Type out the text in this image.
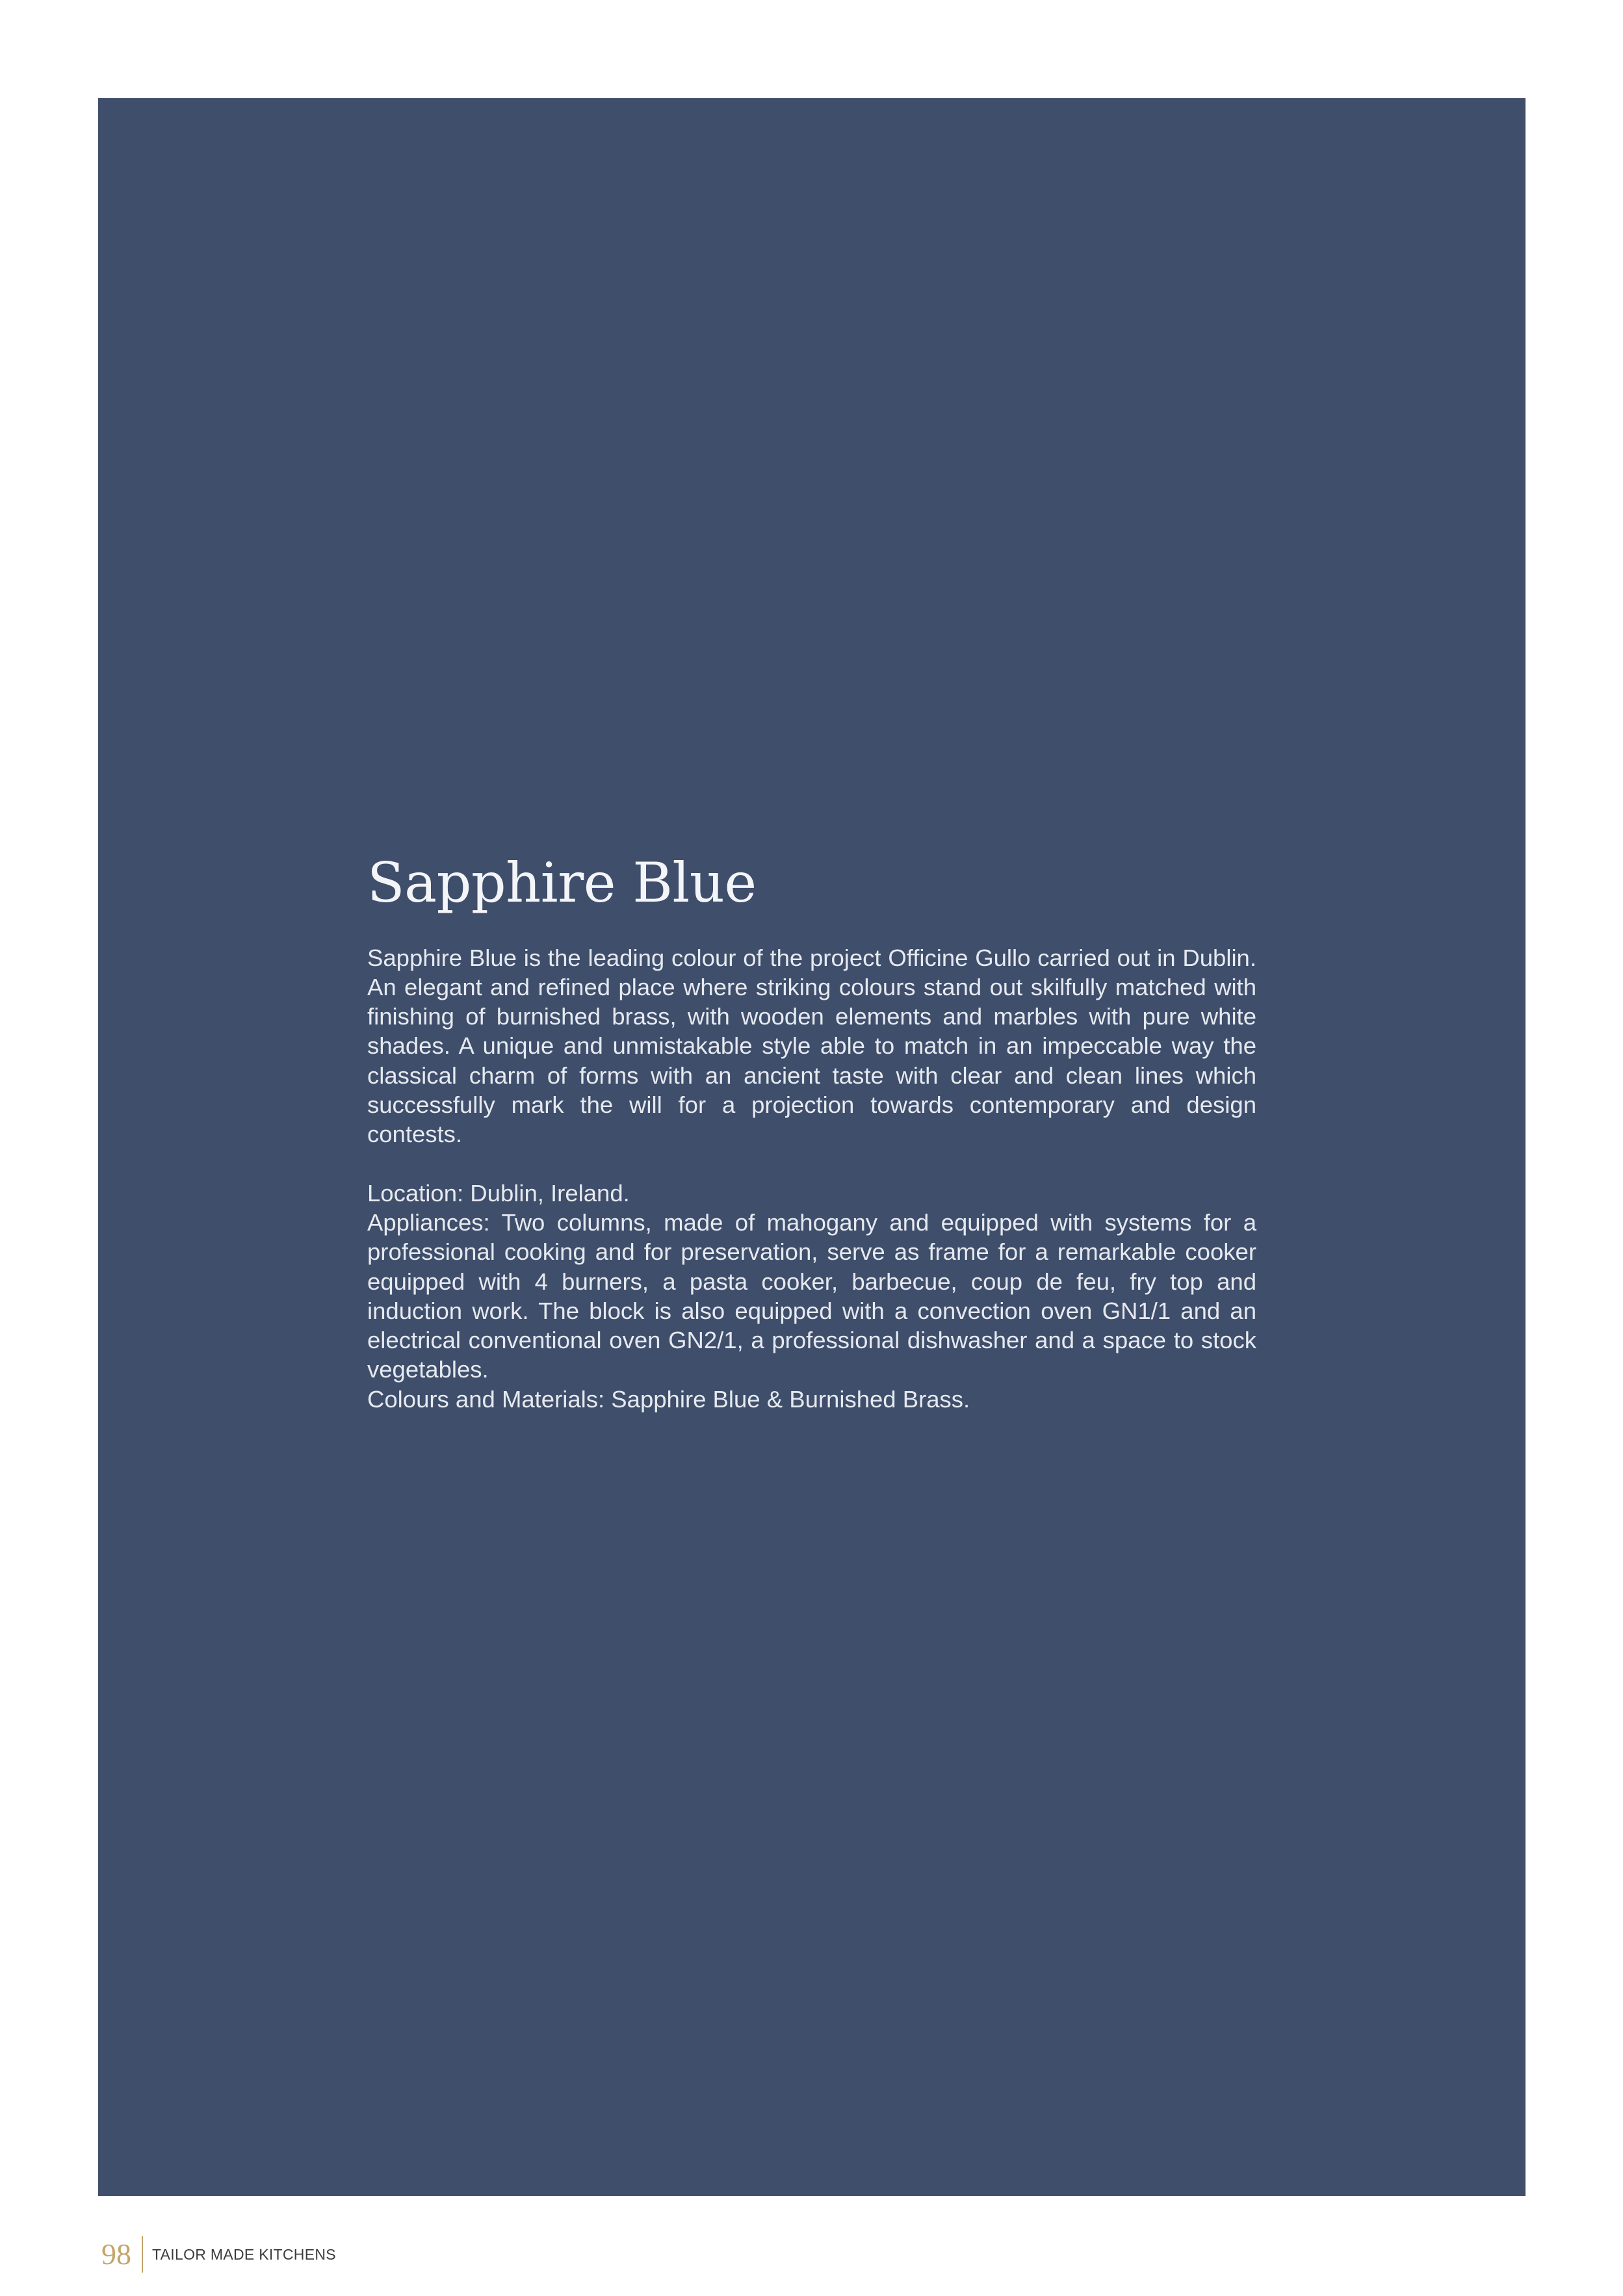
Sapphire Blue

Sapphire Blue is the leading colour of the project Officine Gullo carried out in Dublin. An elegant and refined place where striking colours stand out skilfully matched with finishing of burnished brass, with wooden elements and marbles with pure white shades. A unique and unmistakable style able to match in an impeccable way the classical charm of forms with an ancient taste with clear and clean lines which successfully mark the will for a projection towards contemporary and design contests.

Location: Dublin, Ireland.

Appliances: Two columns, made of mahogany and equipped with systems for a professional cooking and for preservation, serve as frame for a remarkable cooker equipped with 4 burners, a pasta cooker, barbecue, coup de feu, fry top and induction work. The block is also equipped with a convection oven GN1/1 and an electrical conventional oven GN2/1, a professional dishwasher and a space to stock vegetables.

Colours and Materials: Sapphire Blue & Burnished Brass.

98 TAILOR MADE KITCHENS
